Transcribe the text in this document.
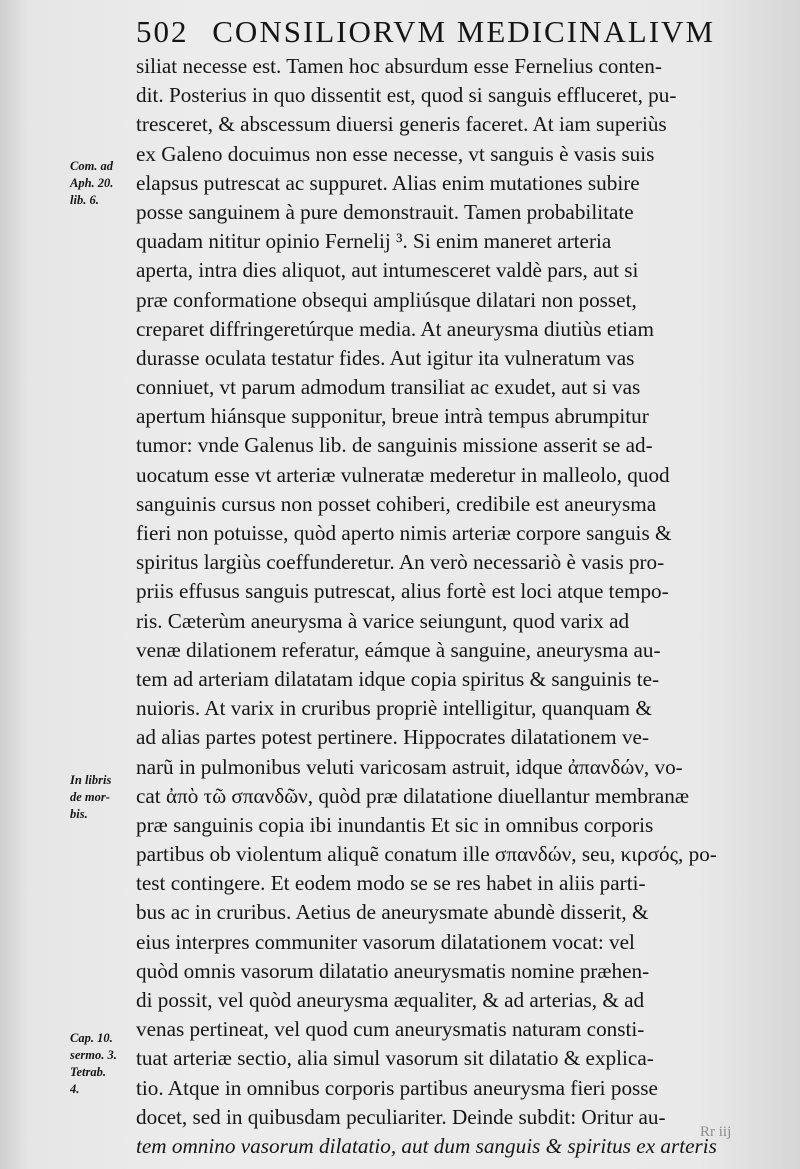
502 CONSILIORVM MEDICINALIVM
siliat necesse est. Tamen hoc absurdum esse Fernelius conten-
dit. Posterius in quo dissentit est, quod si sanguis effluceret, pu-
tresceret, & abscessum diuersi generis faceret. At iam superiùs
ex Galeno docuimus non esse necesse, vt sanguis è vasis suis
elapsus putrescat ac suppuret. Alias enim mutationes subire
posse sanguinem à pure demonstrauit. Tamen probabilitate
quadam nititur opinio Fernelij ³. Si enim maneret arteria
aperta, intra dies aliquot, aut intumesceret valdè pars, aut si
præ conformatione obsequi ampliúsque dilatari non posset,
creparet diffringeretúrque media. At aneurysma diutiùs etiam
durasse oculata testatur fides. Aut igitur ita vulneratum vas
conniuet, vt parum admodum transiliat ac exudet, aut si vas
apertum hiánsque supponitur, breue intrà tempus abrumpitur
tumor: vnde Galenus lib. de sanguinis missione asserit se ad-
uocatum esse vt arteriæ vulneratæ mederetur in malleolo, quod
sanguinis cursus non posset cohiberi, credibile est aneurysma
fieri non potuisse, quòd aperto nimis arteriæ corpore sanguis &
spiritus largiùs coeffunderetur. An verò necessariò è vasis pro-
priis effusus sanguis putrescat, alius fortè est loci atque tempo-
ris. Cæterùm aneurysma à varice seiungunt, quod varix ad
venæ dilationem referatur, eámque à sanguine, aneurysma au-
tem ad arteriam dilatatam idque copia spiritus & sanguinis te-
nuioris. At varix in cruribus propriè intelligitur, quanquam &
ad alias partes potest pertinere. Hippocrates dilatationem ve-
narũ in pulmonibus veluti varicosam astruit, idque ἀπανδών, vo-
cat ἀπὸ τῶ σπανδῶν, quòd præ dilatatione diuellantur membranæ
præ sanguinis copia ibi inundantis Et sic in omnibus corporis
partibus ob violentum aliquẽ conatum ille σπανδών, seu, κιρσός, po-
test contingere. Et eodem modo se se res habet in aliis parti-
bus ac in cruribus. Aetius de aneurysmate abundè disserit, &
eius interpres communiter vasorum dilatationem vocat: vel
quòd omnis vasorum dilatatio aneurysmatis nomine præhen-
di possit, vel quòd aneurysma æqualiter, & ad arterias, & ad
venas pertineat, vel quod cum aneurysmatis naturam consti-
tuat arteriæ sectio, alia simul vasorum sit dilatatio & explica-
tio. Atque in omnibus corporis partibus aneurysma fieri posse
docet, sed in quibusdam peculiariter. Deinde subdit: Oritur au-
tem omnino vasorum dilatatio, aut dum sanguis & spiritus ex arteris
Com. ad
Aph. 20.
lib. 6.
In libris
de mor-
bis.
Cap. 10.
sermo. 3.
Tetrab.
4.
Rr iij
